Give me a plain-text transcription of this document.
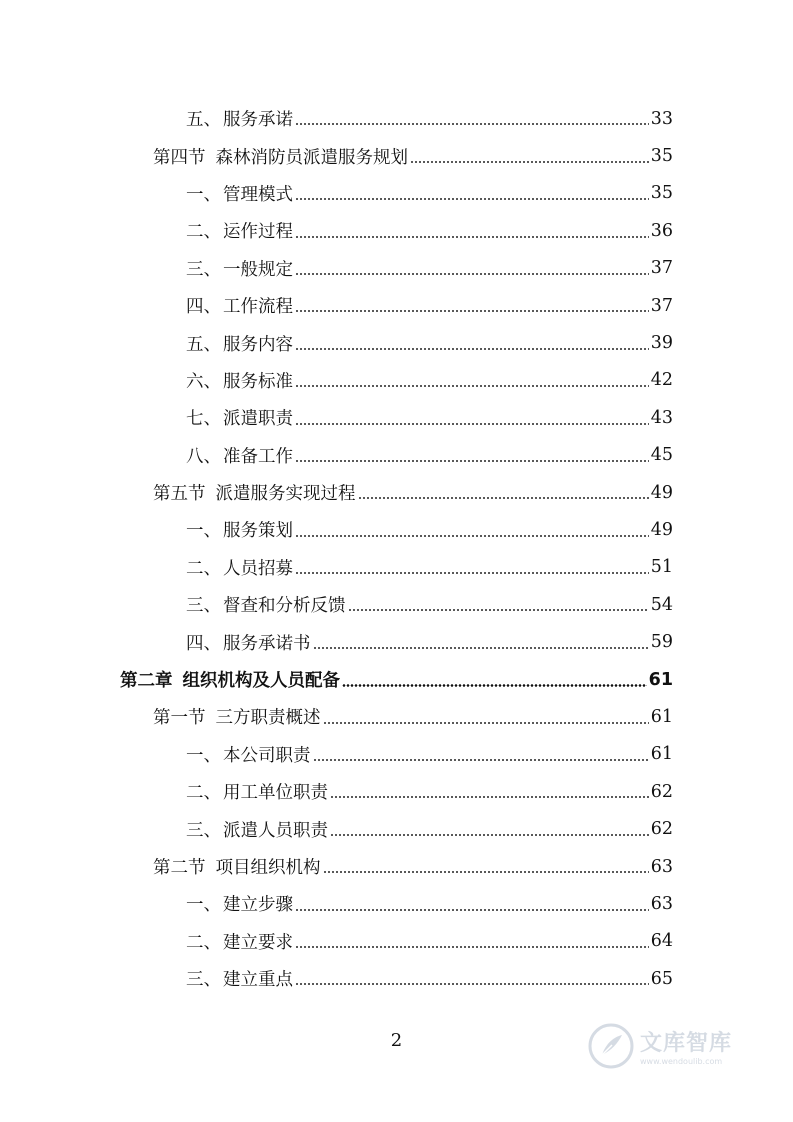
五、 服务承诺	33
第四节 森林消防员派遣服务规划	35
一、 管理模式	35
二、 运作过程	36
三、 一般规定	37
四、 工作流程	37
五、 服务内容	39
六、 服务标准	42
七、 派遣职责	43
八、 准备工作	45
第五节 派遣服务实现过程	49
一、 服务策划	49
二、 人员招募	51
三、 督查和分析反馈	54
四、 服务承诺书	59
第二章 组织机构及人员配备	61
第一节 三方职责概述	61
一、 本公司职责	61
二、 用工单位职责	62
三、 派遣人员职责	62
第二节 项目组织机构	63
一、 建立步骤	63
二、 建立要求	64
三、 建立重点	65
2	文库智库
www.wendoulib.com
